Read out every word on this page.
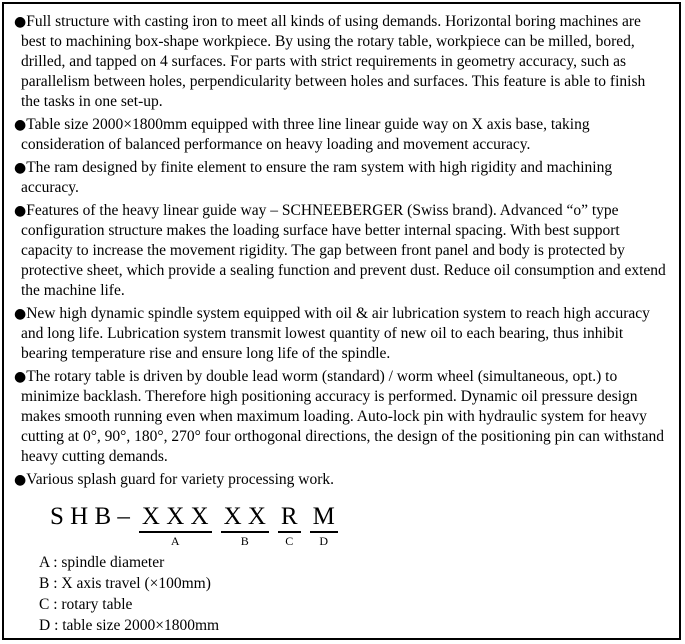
●Full structure with casting iron to meet all kinds of using demands. Horizontal boring machines are best to machining box-shape workpiece. By using the rotary table, workpiece can be milled, bored, drilled, and tapped on 4 surfaces. For parts with strict requirements in geometry accuracy, such as parallelism between holes, perpendicularity between holes and surfaces. This feature is able to finish the tasks in one set-up.

●Table size 2000×1800mm equipped with three line linear guide way on X axis base, taking consideration of balanced performance on heavy loading and movement accuracy.

●The ram designed by finite element to ensure the ram system with high rigidity and machining accuracy.

●Features of the heavy linear guide way – SCHNEEBERGER (Swiss brand). Advanced “o” type configuration structure makes the loading surface have better internal spacing. With best support capacity to increase the movement rigidity. The gap between front panel and body is protected by protective sheet, which provide a sealing function and prevent dust. Reduce oil consumption and extend the machine life.

●New high dynamic spindle system equipped with oil & air lubrication system to reach high accuracy and long life. Lubrication system transmit lowest quantity of new oil to each bearing, thus inhibit bearing temperature rise and ensure long life of the spindle.

●The rotary table is driven by double lead worm (standard) / worm wheel (simultaneous, opt.) to minimize backlash. Therefore high positioning accuracy is performed. Dynamic oil pressure design makes smooth running even when maximum loading. Auto-lock pin with hydraulic system for heavy cutting at 0°, 90°, 180°, 270° four orthogonal directions, the design of the positioning pin can withstand heavy cutting demands.

●Various splash guard for variety processing work.

S H B – X X X
A
X X
B
R
C
M
D
A : spindle diameter
B : X axis travel (×100mm)
C : rotary table
D : table size 2000×1800mm
